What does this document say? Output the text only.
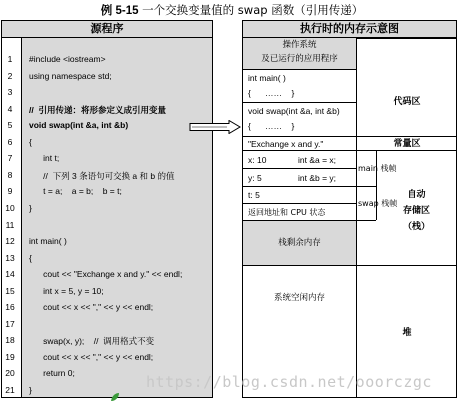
例 5-15 一个交换变量值的 swap 函数（引用传递）
源程序	执行时的内存示意图
1	#include <iostream>
2	using namespace std;
3
4	//  引用传递：将形参定义成引用变量
5	void swap(int &a, int &b)
6	{
7	int t;
8	//  下列 3 条语句可交换 a 和 b 的值
9	t = a;    a = b;    b = t;
10	}
11
12	int main( )
13	{
14	cout << "Exchange x and y." << endl;
15	int x = 5, y = 10;
16	cout << x << "," << y << endl;
17
18	swap(x, y);    //  调用格式不变
19	cout << x << "," << y << endl;
20	return 0;
21	}
操作系统
及已运行的应用程序
int main( )
{      ……    }
void swap(int &a, int &b)
{      ……    }
代码区
"Exchange x and y."	常量区
x: 10	int &a = x;
y: 5	int &b = y;
main 栈帧
t: 5
返回地址和 CPU 状态
swap 栈帧
自动
存储区
（栈）
栈剩余内存
系统空闲内存
堆
https://blog.csdn.net/ooorczgc
